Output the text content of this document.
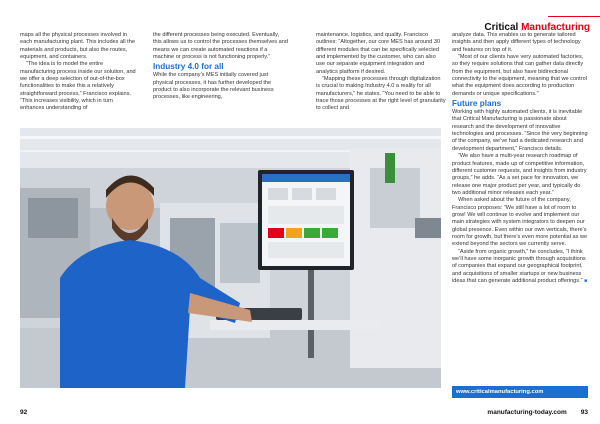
Critical Manufacturing

maps all the physical processes involved in each manufacturing plant. This includes all the materials and products, but also the routes, equipment, and containers.

“The idea is to model the entire manufacturing process inside our solution, and we offer a deep selection of out-of-the-box functionalities to make this a relatively straightforward process,” Francisco explains. “This increases visibility, which in turn enhances understanding of

the different processes being executed. Eventually, this allows us to control the processes themselves and means we can create automated reactions if a machine or process is not functioning properly.”

Industry 4.0 for all

While the company’s MES initially covered just physical processes, it has further developed the product to also incorporate the relevant business processes, like engineering,

maintenance, logistics, and quality. Francisco outlines: “Altogether, our core MES has around 30 different modules that can be specifically selected and implemented by the customer, who can also use our separate equipment integration and analytics platform if desired.

“Mapping these processes through digitalization is crucial to making Industry 4.0 a reality for all manufacturers,” he states. “You need to be able to trace those processes at the right level of granularity to collect and

analyze data. This enables us to generate tailored insights and then apply different types of technology and features on top of it.

“Most of our clients have very automated factories, so they require solutions that can gather data directly from the equipment, but also have bidirectional connectivity to the equipment, meaning that we control what the equipment does according to production demands or unique specifications.”

Future plans

Working with highly automated clients, it is inevitable that Critical Manufacturing is passionate about research and the development of innovative technologies and processes. “Since the very beginning of the company, we’ve had a dedicated research and development department,” Francisco details.

“We also have a multi-year research roadmap of product features, made up of competitive information, different customer requests, and insights from industry groups,” he adds. “As a set pace for innovation, we release one major product per year, and typically do two additional minor releases each year.”

When asked about the future of the company, Francisco proposes: “We still have a lot of room to grow! We will continue to evolve and implement our main strategies with system integrators to deepen our global presence. Even within our own verticals, there’s room for growth, but there’s even more potential as we extend beyond the sectors we currently serve.

“Aside from organic growth,” he concludes, “I think we’ll have some inorganic growth through acquisitions of companies that expand our geographical footprint, and acquisitions of smaller startups or new business ideas that can generate additional product offerings.” ■

www.criticalmanufacturing.com
92	manufacturing-today.com 93
